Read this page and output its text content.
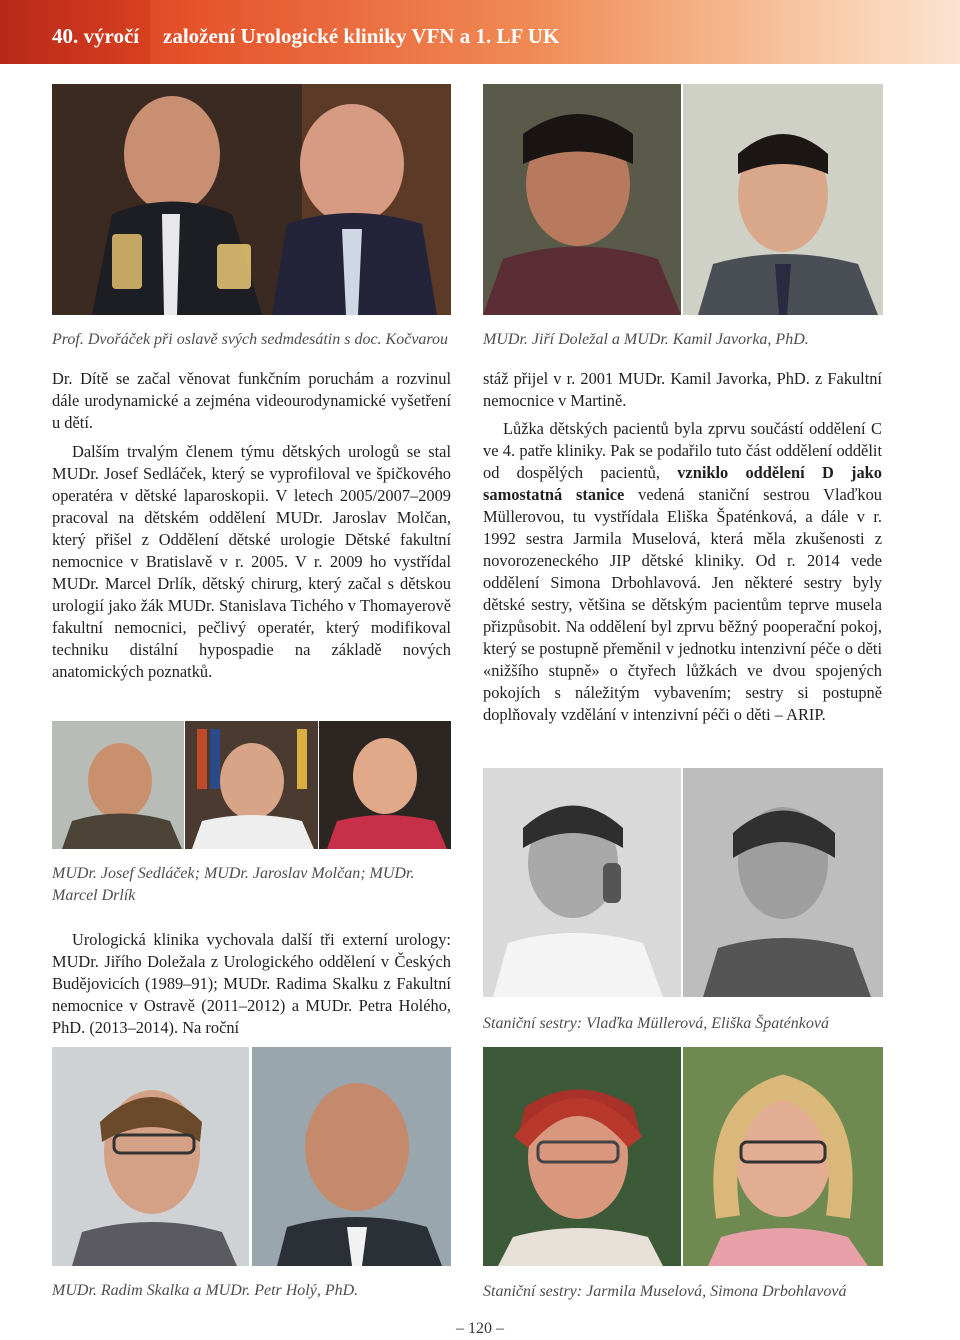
40. výročí založení Urologické kliniky VFN a 1. LF UK
Prof. Dvořáček při oslavě svých sedmdesátin s doc. Kočvarou MUDr. Jiří Doležal a MUDr. Kamil Javorka, PhD.

Dr. Dítě se začal věnovat funkčním poruchám a rozvinul dále urodynamické a zejména videourodynamické vyšetření u dětí.

Dalším trvalým členem týmu dětských urologů se stal MUDr. Josef Sedláček, který se vyprofiloval ve špičkového operatéra v dětské laparoskopii. V letech 2005/2007–2009 pracoval na dětském oddělení MUDr. Jaroslav Molčan, který přišel z Oddělení dětské urologie Dětské fakultní nemocnice v Bratislavě v r. 2005. V r. 2009 ho vystřídal MUDr. Marcel Drlík, dětský chirurg, který začal s dětskou urologií jako žák MUDr. Stanislava Tichého v Thomayerově fakultní nemocnici, pečlivý operatér, který modifikoval techniku distální hypospadie na základě nových anatomických poznatků.

MUDr. Josef Sedláček; MUDr. Jaroslav Molčan; MUDr. Marcel Drlík

Urologická klinika vychovala další tři externí urology: MUDr. Jiřího Doležala z Urologického oddělení v Českých Budějovicích (1989–91); MUDr. Radima Skalku z Fakultní nemocnice v Ostravě (2011–2012) a MUDr. Petra Holého, PhD. (2013–2014). Na roční

MUDr. Radim Skalka a MUDr. Petr Holý, PhD.

stáž přijel v r. 2001 MUDr. Kamil Javorka, PhD. z Fakultní nemocnice v Martině.

Lůžka dětských pacientů byla zprvu součástí oddělení C ve 4. patře kliniky. Pak se podařilo tuto část oddělení oddělit od dospělých pacientů, vzniklo oddělení D jako samostatná stanice vedená staniční sestrou Vlaďkou Müllerovou, tu vystřídala Eliška Špaténková, a dále v r. 1992 sestra Jarmila Muselová, která měla zkušenosti z novorozeneckého JIP dětské kliniky. Od r. 2014 vede oddělení Simona Drbohlavová. Jen některé sestry byly dětské sestry, většina se dětským pacientům teprve musela přizpůsobit. Na oddělení byl zprvu běžný pooperační pokoj, který se postupně přeměnil v jednotku intenzivní péče o děti «nižšího stupně» o čtyřech lůžkách ve dvou spojených pokojích s náležitým vybavením; sestry si postupně doplňovaly vzdělání v intenzivní péči o děti – ARIP.

Staniční sestry: Vlaďka Müllerová, Eliška Špaténková
Staniční sestry: Jarmila Muselová, Simona Drbohlavová
– 120 –
